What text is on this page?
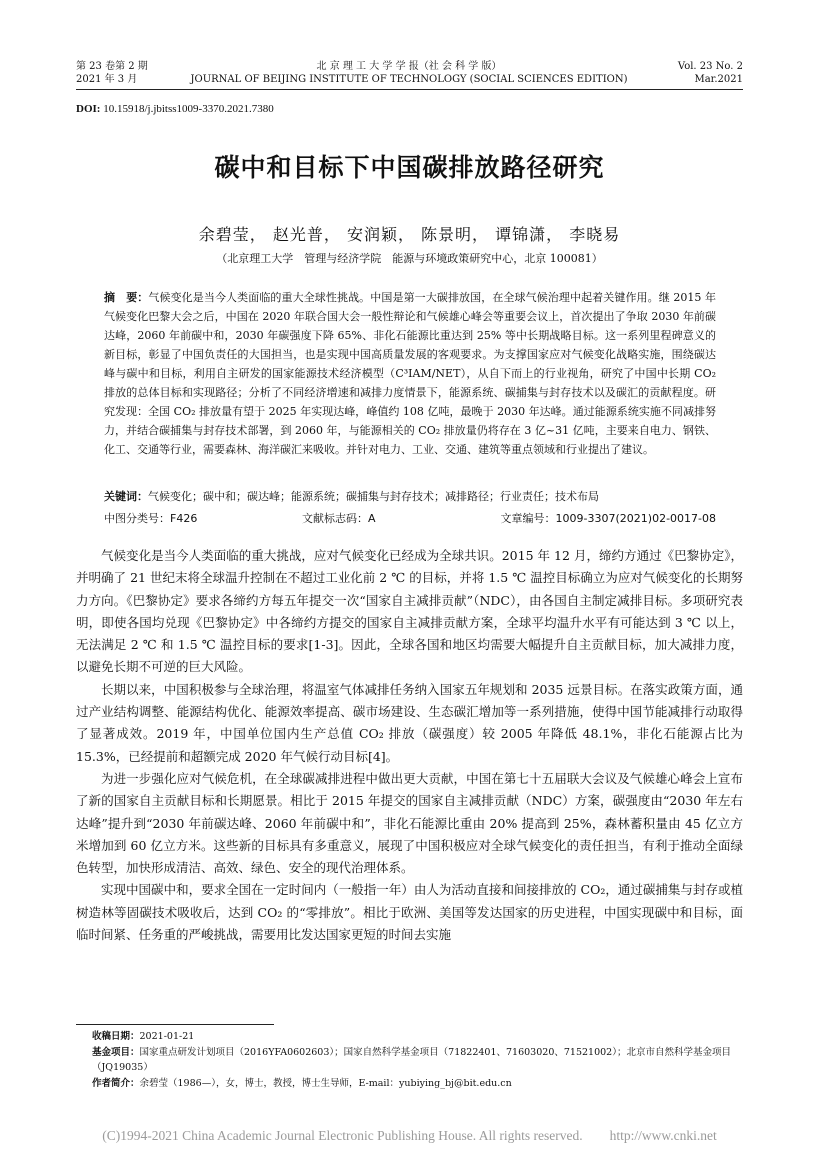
第 23 卷第 2 期
2021 年 3 月
北 京 理 工 大 学 学 报（社 会 科 学 版）
JOURNAL OF BEIJING INSTITUTE OF TECHNOLOGY (SOCIAL SCIENCES EDITION)
Vol. 23 No. 2
Mar.2021
DOI: 10.15918/j.jbitss1009-3370.2021.7380
碳中和目标下中国碳排放路径研究
余碧莹， 赵光普， 安润颖， 陈景明， 谭锦潇， 李晓易
（北京理工大学　管理与经济学院　能源与环境政策研究中心，北京 100081）
摘　要：气候变化是当今人类面临的重大全球性挑战。中国是第一大碳排放国，在全球气候治理中起着关键作用。继 2015 年气候变化巴黎大会之后，中国在 2020 年联合国大会一般性辩论和气候雄心峰会等重要会议上，首次提出了争取 2030 年前碳达峰，2060 年前碳中和，2030 年碳强度下降 65%、非化石能源比重达到 25% 等中长期战略目标。这一系列里程碑意义的新目标，彰显了中国负责任的大国担当，也是实现中国高质量发展的客观要求。为支撑国家应对气候变化战略实施，围绕碳达峰与碳中和目标，利用自主研发的国家能源技术经济模型（C³IAM/NET），从自下而上的行业视角，研究了中国中长期 CO₂ 排放的总体目标和实现路径；分析了不同经济增速和减排力度情景下，能源系统、碳捕集与封存技术以及碳汇的贡献程度。研究发现：全国 CO₂ 排放量有望于 2025 年实现达峰，峰值约 108 亿吨，最晚于 2030 年达峰。通过能源系统实施不同减排努力，并结合碳捕集与封存技术部署，到 2060 年，与能源相关的 CO₂ 排放量仍将存在 3 亿~31 亿吨，主要来自电力、钢铁、化工、交通等行业，需要森林、海洋碳汇来吸收。并针对电力、工业、交通、建筑等重点领域和行业提出了建议。
关键词：气候变化；碳中和；碳达峰；能源系统；碳捕集与封存技术；减排路径；行业责任；技术布局
中图分类号：F426	文献标志码：A	文章编号：1009-3307(2021)02-0017-08

气候变化是当今人类面临的重大挑战，应对气候变化已经成为全球共识。2015 年 12 月，缔约方通过《巴黎协定》，并明确了 21 世纪末将全球温升控制在不超过工业化前 2 ℃ 的目标，并将 1.5 ℃ 温控目标确立为应对气候变化的长期努力方向。《巴黎协定》要求各缔约方每五年提交一次“国家自主减排贡献”（NDC），由各国自主制定减排目标。多项研究表明，即使各国均兑现《巴黎协定》中各缔约方提交的国家自主减排贡献方案，全球平均温升水平有可能达到 3 ℃ 以上，无法满足 2 ℃ 和 1.5 ℃ 温控目标的要求[1-3]。因此，全球各国和地区均需要大幅提升自主贡献目标，加大减排力度，以避免长期不可逆的巨大风险。

长期以来，中国积极参与全球治理，将温室气体减排任务纳入国家五年规划和 2035 远景目标。在落实政策方面，通过产业结构调整、能源结构优化、能源效率提高、碳市场建设、生态碳汇增加等一系列措施，使得中国节能减排行动取得了显著成效。2019 年，中国单位国内生产总值 CO₂ 排放（碳强度）较 2005 年降低 48.1%，非化石能源占比为 15.3%，已经提前和超额完成 2020 年气候行动目标[4]。

为进一步强化应对气候危机，在全球碳减排进程中做出更大贡献，中国在第七十五届联大会议及气候雄心峰会上宣布了新的国家自主贡献目标和长期愿景。相比于 2015 年提交的国家自主减排贡献（NDC）方案，碳强度由“2030 年左右达峰”提升到“2030 年前碳达峰、2060 年前碳中和”，非化石能源比重由 20% 提高到 25%，森林蓄积量由 45 亿立方米增加到 60 亿立方米。这些新的目标具有多重意义，展现了中国积极应对全球气候变化的责任担当，有利于推动全面绿色转型，加快形成清洁、高效、绿色、安全的现代治理体系。

实现中国碳中和，要求全国在一定时间内（一般指一年）由人为活动直接和间接排放的 CO₂，通过碳捕集与封存或植树造林等固碳技术吸收后，达到 CO₂ 的“零排放”。相比于欧洲、美国等发达国家的历史进程，中国实现碳中和目标，面临时间紧、任务重的严峻挑战，需要用比发达国家更短的时间去实施

收稿日期：2021-01-21
基金项目：国家重点研发计划项目（2016YFA0602603）；国家自然科学基金项目（71822401、71603020、71521002）；北京市自然科学基金项目（JQ19035）
作者简介：余碧莹（1986—），女，博士，教授，博士生导师，E-mail：yubiying_bj@bit.edu.cn
(C)1994-2021 China Academic Journal Electronic Publishing House. All rights reserved.　　http://www.cnki.net
